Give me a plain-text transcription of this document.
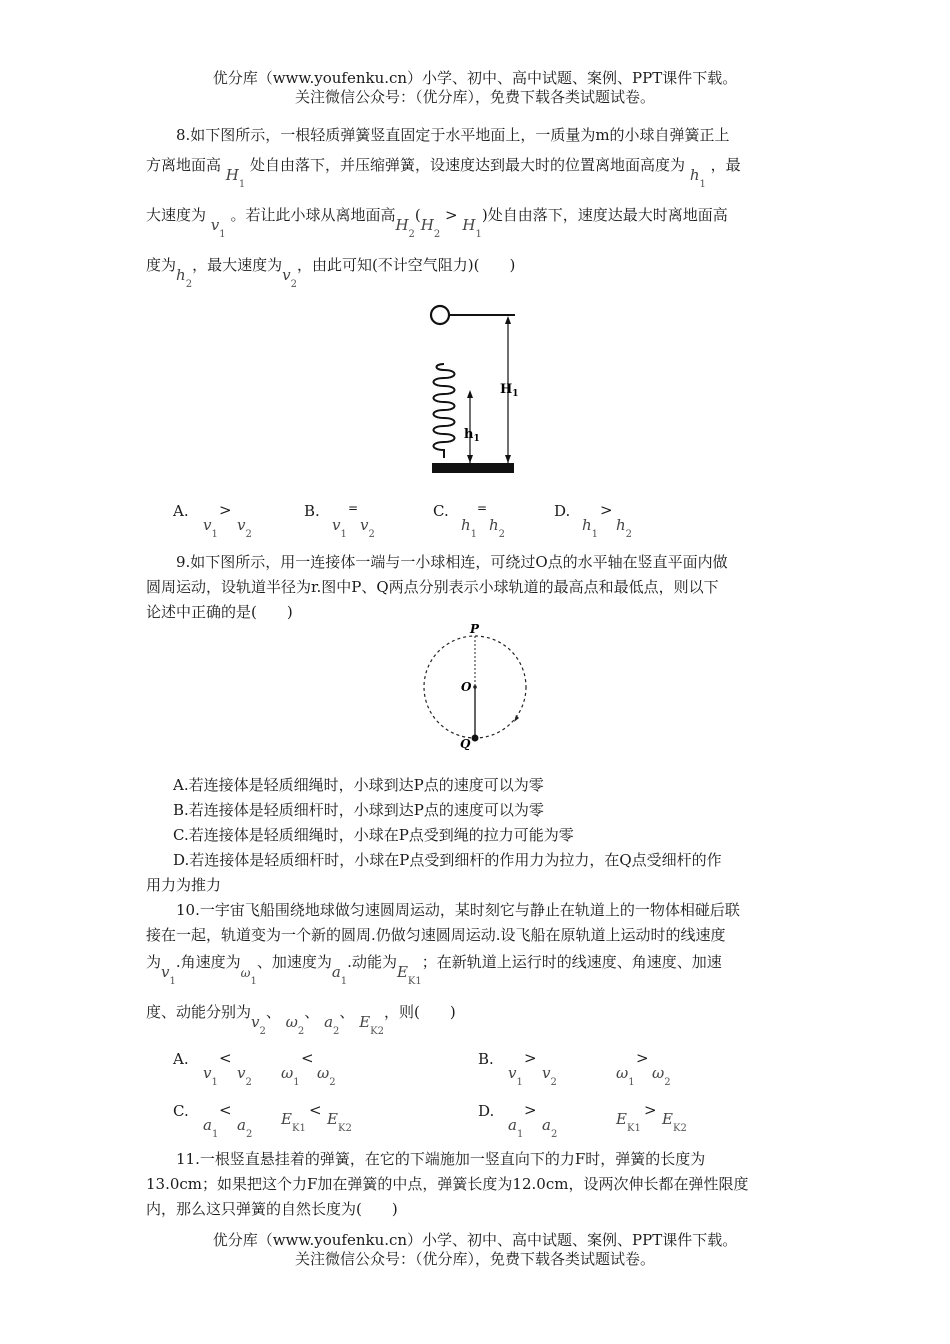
优分库（www.youfenku.cn）小学、初中、高中试题、案例、PPT课件下载。
关注微信公众号：（优分库），免费下载各类试题试卷。
8.如下图所示，一根轻质弹簧竖直固定于水平地面上，一质量为m的小球自弹簧正上
方离地面高 $H_1$ 处自由落下，并压缩弹簧，设速度达到最大时的位置离地面高度为 $h_1$ ，最
大速度为 $v_1$ 。若让此小球从离地面高$H_2(H_2 > H_1)$处自由落下，速度达最大时离地面高
度为$h_2$，最大速度为$v_2$，由此可知(不计空气阻力)(　　)
$H_1$
$h_1$
A.
$v_1$
>
$v_2$
B.
$v_1$
=
$v_2$
C.
$h_1$
=
$h_2$
D.
$h_1$
>
$h_2$
9.如下图所示，用一连接体一端与一小球相连，可绕过O点的水平轴在竖直平面内做
圆周运动，设轨道半径为r.图中P、Q两点分别表示小球轨道的最高点和最低点，则以下
论述中正确的是(　　)
P
O
Q
A.若连接体是轻质细绳时，小球到达P点的速度可以为零
B.若连接体是轻质细杆时，小球到达P点的速度可以为零
C.若连接体是轻质细绳时，小球在P点受到绳的拉力可能为零
D.若连接体是轻质细杆时，小球在P点受到细杆的作用力为拉力，在Q点受细杆的作
用力为推力
10.一宇宙飞船围绕地球做匀速圆周运动，某时刻它与静止在轨道上的一物体相碰后联
接在一起，轨道变为一个新的圆周.仍做匀速圆周运动.设飞船在原轨道上运动时的线速度
为$v_1$.角速度为$_{\omega_1}$、加速度为$a_1$.动能为$E_{K1}$；在新轨道上运行时的线速度、角速度、加速
度、动能分别为$v_2$、 $\omega_2$、 $a_2$、 $E_{K2}$，则(　　)
A.
$v_1$
<
$v_2$
$\omega_1$
<
$\omega_2$
B.
$v_1$
>
$v_2$
$\omega_1$
>
$\omega_2$
C.
$a_1$
<
$a_2$
$E_{K1}$
< $E_{K2}$
D.
$a_1$
>
$a_2$
$E_{K1}$
> $E_{K2}$
11.一根竖直悬挂着的弹簧，在它的下端施加一竖直向下的力F时，弹簧的长度为
13.0cm；如果把这个力F加在弹簧的中点，弹簧长度为12.0cm，设两次伸长都在弹性限度
内，那么这只弹簧的自然长度为(　　)
优分库（www.youfenku.cn）小学、初中、高中试题、案例、PPT课件下载。
关注微信公众号：（优分库），免费下载各类试题试卷。
